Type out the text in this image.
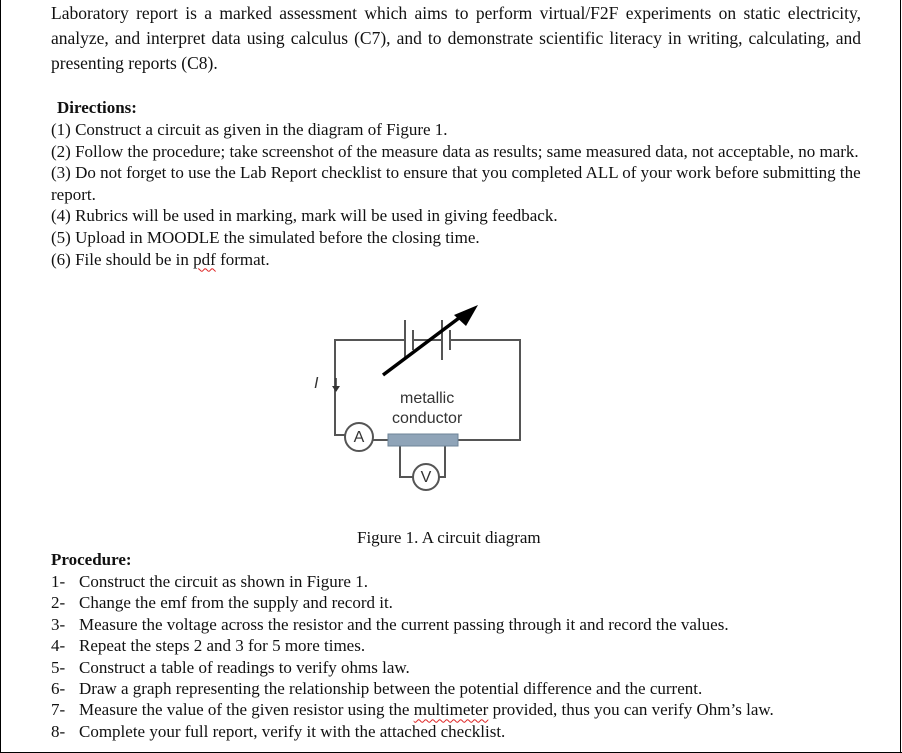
Laboratory report is a marked assessment which aims to perform virtual/F2F experiments on static electricity, analyze, and interpret data using calculus (C7), and to demonstrate scientific literacy in writing, calculating, and presenting reports (C8).

Directions:

(1) Construct a circuit as given in the diagram of Figure 1.
(2) Follow the procedure; take screenshot of the measure data as results; same measured data, not acceptable, no mark.
(3) Do not forget to use the Lab Report checklist to ensure that you completed ALL of your work before submitting the report.
(4) Rubrics will be used in marking, mark will be used in giving feedback.
(5) Upload in MOODLE the simulated before the closing time.
(6) File should be in pdf format.
I
metallic
conductor
A
V

Figure 1. A circuit diagram

Procedure:

1- Construct the circuit as shown in Figure 1.
2- Change the emf from the supply and record it.
3- Measure the voltage across the resistor and the current passing through it and record the values.
4- Repeat the steps 2 and 3 for 5 more times.
5- Construct a table of readings to verify ohms law.
6- Draw a graph representing the relationship between the potential difference and the current.
7- Measure the value of the given resistor using the multimeter provided, thus you can verify Ohm’s law.
8- Complete your full report, verify it with the attached checklist.
